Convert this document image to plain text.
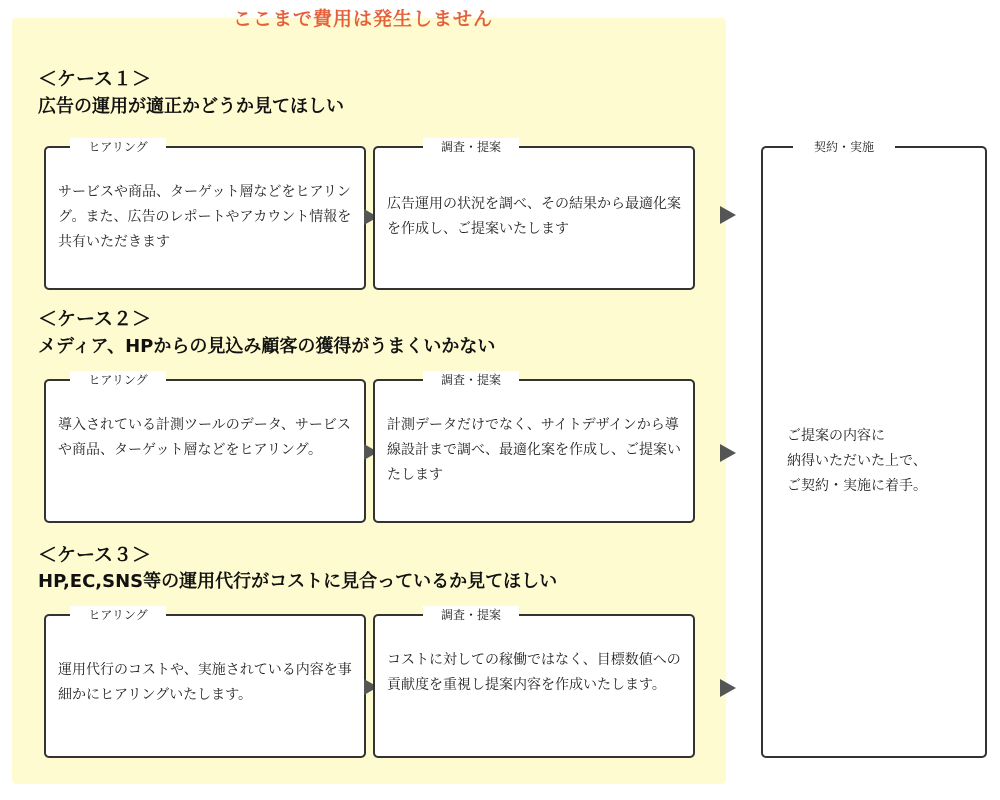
ここまで費用は発生しません
＜ケース１＞
広告の運用が適正かどうか見てほしい
ヒアリング
サービスや商品、ターゲット層などをヒアリング。また、広告のレポートやアカウント情報を共有いただきます
調査・提案
広告運用の状況を調べ、その結果から最適化案を作成し、ご提案いたします
＜ケース２＞
メディア、HPからの見込み顧客の獲得がうまくいかない
ヒアリング
導入されている計測ツールのデータ、サービスや商品、ターゲット層などをヒアリング。
調査・提案
計測データだけでなく、サイトデザインから導線設計まで調べ、最適化案を作成し、ご提案いたします
＜ケース３＞
HP,EC,SNS等の運用代行がコストに見合っているか見てほしい
ヒアリング
運用代行のコストや、実施されている内容を事細かにヒアリングいたします。
調査・提案
コストに対しての稼働ではなく、目標数値への貢献度を重視し提案内容を作成いたします。
契約・実施
ご提案の内容に
納得いただいた上で、
ご契約・実施に着手。
